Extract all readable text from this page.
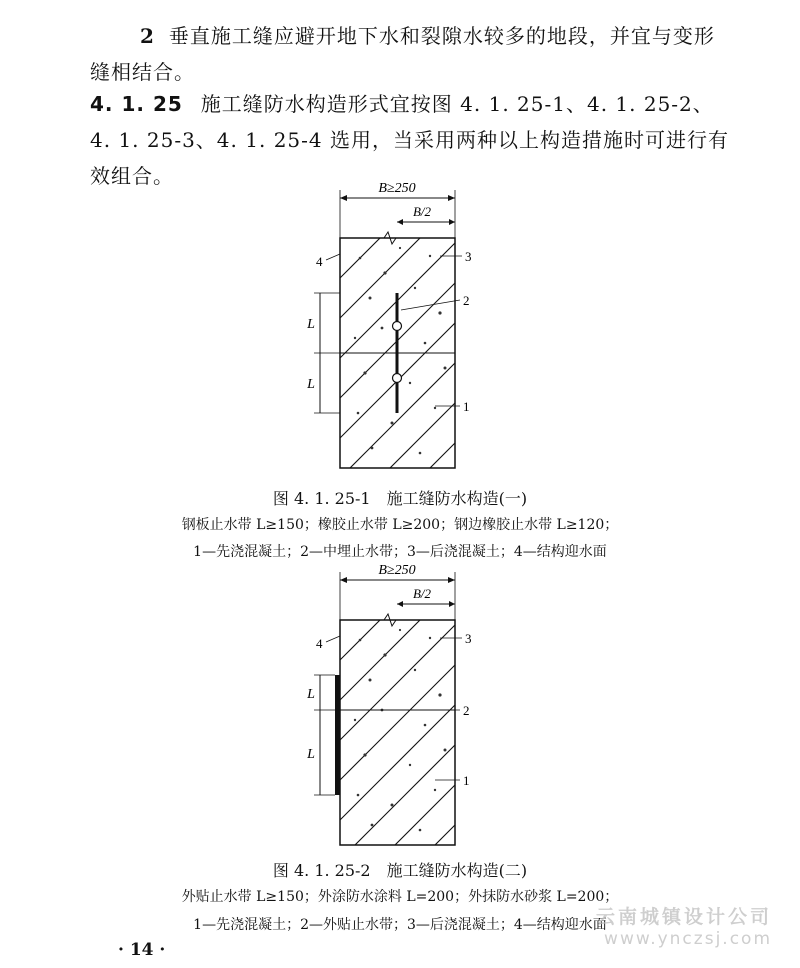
2 垂直施工缝应避开地下水和裂隙水较多的地段，并宜与变形缝相结合。
4. 1. 25 施工缝防水构造形式宜按图 4. 1. 25-1、4. 1. 25-2、4. 1. 25-3、4. 1. 25-4 选用，当采用两种以上构造措施时可进行有效组合。
B≥250
B/2
L
L
4	3
2
1
图 4. 1. 25-1　施工缝防水构造(一)
钢板止水带 L≥150；橡胶止水带 L≥200；钢边橡胶止水带 L≥120；
1—先浇混凝土；2—中埋止水带；3—后浇混凝土；4—结构迎水面
B≥250
B/2
L
L
4	3
2
1
图 4. 1. 25-2　施工缝防水构造(二)
外贴止水带 L≥150；外涂防水涂料 L=200；外抹防水砂浆 L=200；
1—先浇混凝土；2—外贴止水带；3—后浇混凝土；4—结构迎水面
· 14 ·
云南城镇设计公司
www.ynczsj.com
